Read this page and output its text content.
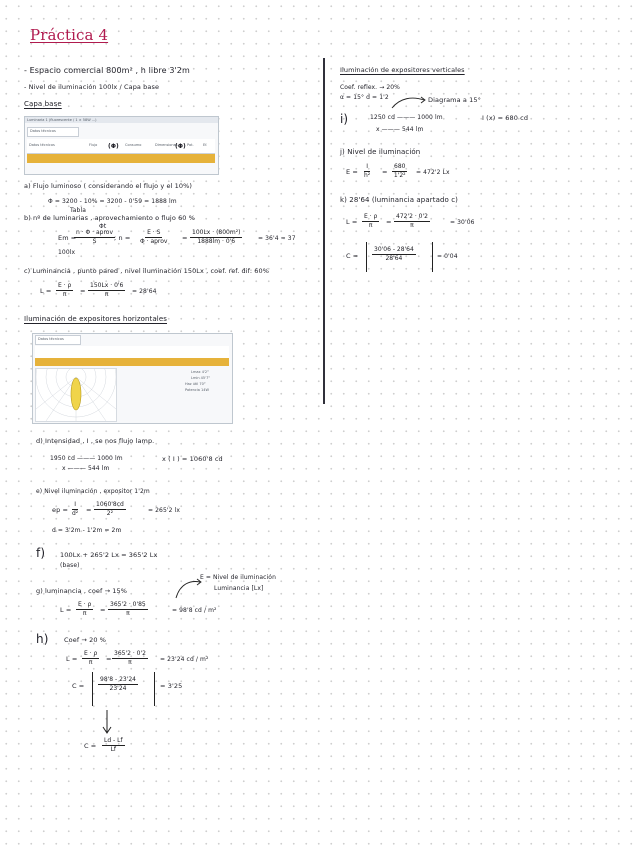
Práctica 4
- Espacio comercial 800m² , h libre 3'2m
- Nivel de iluminación 100lx / Capa base
Capa base
Luminaria 1 (fluorescente / 1 × 58W ...)
Datos técnicos
Datos técnicos	Flujo	Consumo	Dimensiones	Pot.	Ef.
(Φ)	(Φ)
a) Flujo luminoso ( considerando el flujo y el 10%)
Φ = 3200 - 10% = 3200 - 0'59 = 1888 lm
b) nº de luminarias , aprovechamiento o flujo 60 %
Tabla
Φt
Em =
n · Φ · aprov
S	; n =
E · S
Φ · aprov = $\frac{\text{100Lx · (800m²)}}{1888lm \cdot 0'6}$	= 36'4 ≈ 37
100lx
c) Luminancia , punto pared , nivel iluminación 150Lx , coef. ref. dif: 60%
$L = \frac{E \cdot \rho}{\pi} = \frac{150Lx \cdot 0'6}{\pi} = 28'64$
Iluminación de expositores horizontales
Datos técnicos
Lmax 4'2°
Lmin 45'7°
Haz útil 70°
Potencia 14W
d) Intensidad , I , se nos flujo lamp.
1950 cd ——— 1000 lm
x ——— 544 lm
x ( I ) = 1060'8 cd
e) Nivel iluminación , expositor 1'2m
ep = $\frac{I}{\text{d²}} = \frac{1060'8cd}{\text{2²}}$	= 265'2 lx
d = 3'2m - 1'2m = 2m
f) 100Lx + 265'2 Lx = 365'2 Lx
(base)
g) luminancia , coef → 15%
E = Nivel de iluminación
Luminancia [Lx]
$L = \frac{E \cdot \rho}{\pi} = \frac{365'2 \cdot 0'85}{\pi}$	= 98'8 cd / m²
h) Coef → 20 %
$L = \frac{E \cdot \rho}{\pi} = \frac{365'2 \cdot 0'2}{\pi} = 23'24$ cd / m²
$C = \frac{98'8 - 23'24}{23'24}$	= 3'25
$C = \frac{Ld - Lf}{Lf}$
Iluminación de expositores verticales
Coef. reflex. → 20%
α = 15° d = 1'2	Diagrama a 15°
i)	1250 cd ——— 1000 lm
x ——— 544 lm
I (x) = 680 cd
j) Nivel de iluminación
$E = \frac{I}{\text{h²}} = \frac{680}{\text{1'2²}} = 472'2$ Lx
k) 28'64 (luminancia apartado c)
$L = \frac{E \cdot \rho}{\pi} = \frac{472'2 \cdot 0'2}{\pi}$	= 30'06
$C = \frac{30'06 - 28'64}{28'64}$	= 0'04
